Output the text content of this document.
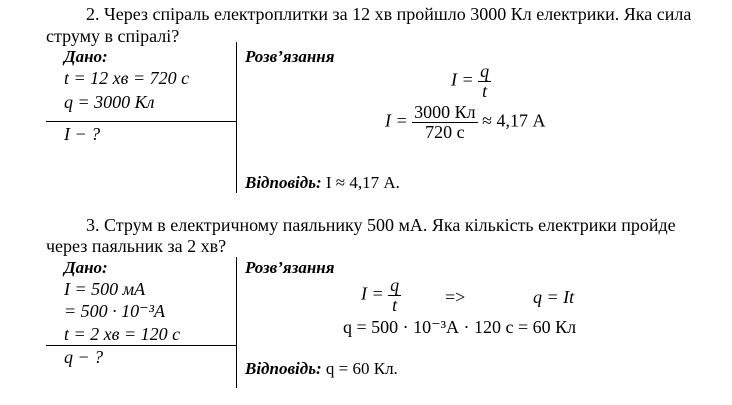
2. Через спіраль електроплитки за 12 хв пройшло 3000 Кл електрики. Яка сила
струму в спіралі?
Дано:
t = 12 хв = 720 с
q = 3000 Кл
I − ?
Розв’язання
$I = \frac{q}{t}$
$I = \frac{3000 Кл}{720 с} \approx 4,17$ А
Відповідь: I ≈ 4,17 А.
3. Струм в електричному паяльнику 500 мА. Яка кількість електрики пройде
через паяльник за 2 хв?
Дано:
I = 500 мА
= 500 · 10⁻³А
t = 2 хв = 120 с
q − ?
Розв’язання
$I = \frac{q}{t}$ =>	q = It
q = 500 · 10⁻³А · 120 с = 60 Кл
Відповідь: q = 60 Кл.
